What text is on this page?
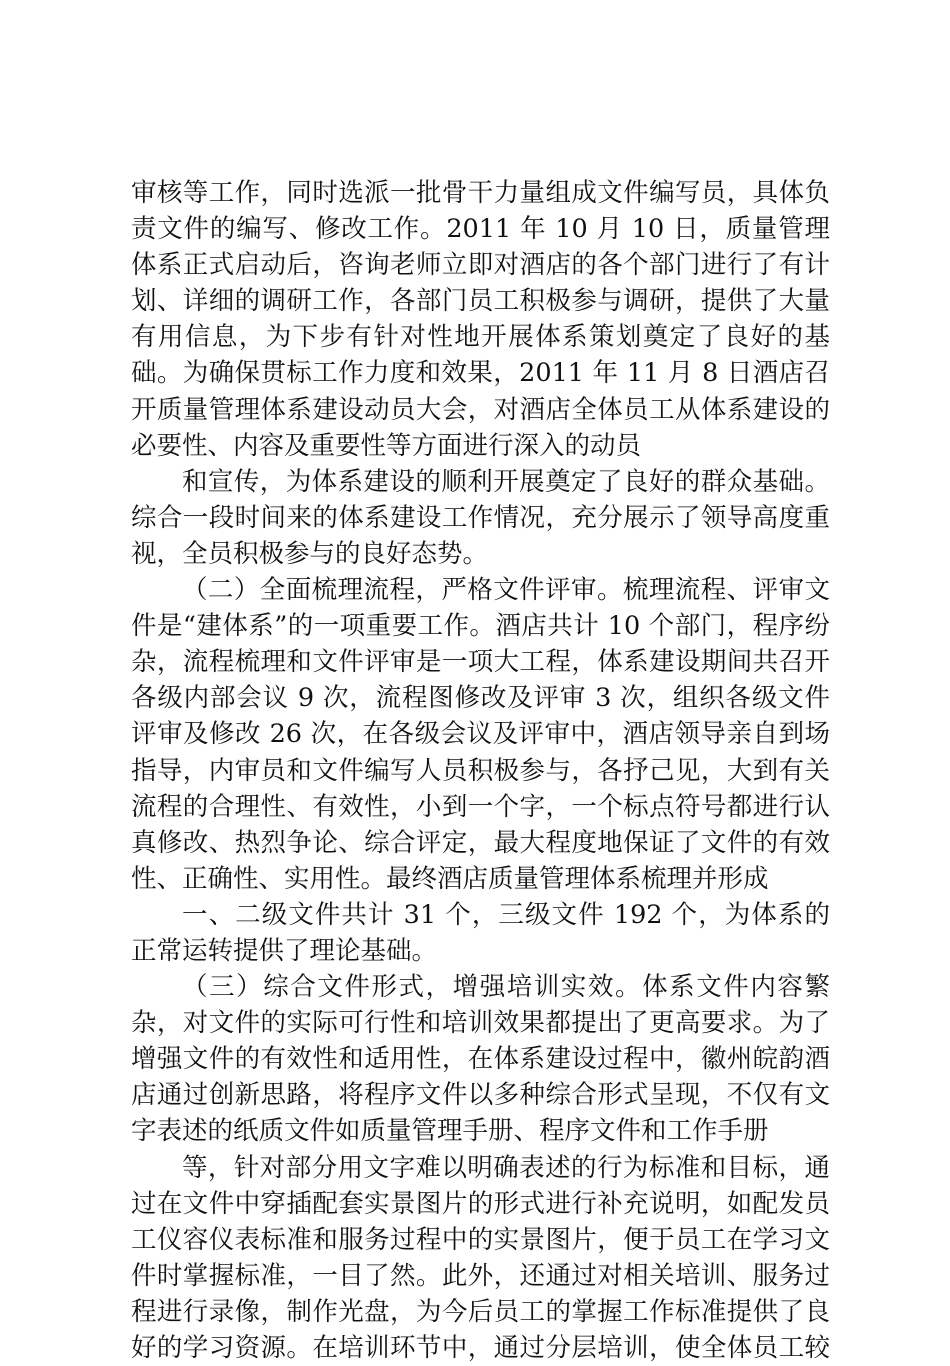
审核等工作，同时选派一批骨干力量组成文件编写员，具体负责文件的编写、修改工作。2011 年 10 月 10 日，质量管理体系正式启动后，咨询老师立即对酒店的各个部门进行了有计划、详细的调研工作，各部门员工积极参与调研，提供了大量有用信息，为下步有针对性地开展体系策划奠定了良好的基础。为确保贯标工作力度和效果，2011 年 11 月 8 日酒店召开质量管理体系建设动员大会，对酒店全体员工从体系建设的必要性、内容及重要性等方面进行深入的动员

和宣传，为体系建设的顺利开展奠定了良好的群众基础。综合一段时间来的体系建设工作情况，充分展示了领导高度重视，全员积极参与的良好态势。

（二）全面梳理流程，严格文件评审。梳理流程、评审文件是“建体系”的一项重要工作。酒店共计 10 个部门，程序纷杂，流程梳理和文件评审是一项大工程，体系建设期间共召开各级内部会议 9 次，流程图修改及评审 3 次，组织各级文件评审及修改 26 次，在各级会议及评审中，酒店领导亲自到场指导，内审员和文件编写人员积极参与，各抒己见，大到有关流程的合理性、有效性，小到一个字，一个标点符号都进行认真修改、热烈争论、综合评定，最大程度地保证了文件的有效性、正确性、实用性。最终酒店质量管理体系梳理并形成

一、二级文件共计 31 个，三级文件 192 个，为体系的正常运转提供了理论基础。

（三）综合文件形式，增强培训实效。体系文件内容繁杂，对文件的实际可行性和培训效果都提出了更高要求。为了增强文件的有效性和适用性，在体系建设过程中，徽州皖韵酒店通过创新思路，将程序文件以多种综合形式呈现，不仅有文字表述的纸质文件如质量管理手册、程序文件和工作手册

等，针对部分用文字难以明确表述的行为标准和目标，通过在文件中穿插配套实景图片的形式进行补充说明，如配发员工仪容仪表标准和服务过程中的实景图片，便于员工在学习文件时掌握标准，一目了然。此外，还通过对相关培训、服务过程进行录像，制作光盘，为今后员工的掌握工作标准提供了良好的学习资源。在培训环节中，通过分层培训，使全体员工较
